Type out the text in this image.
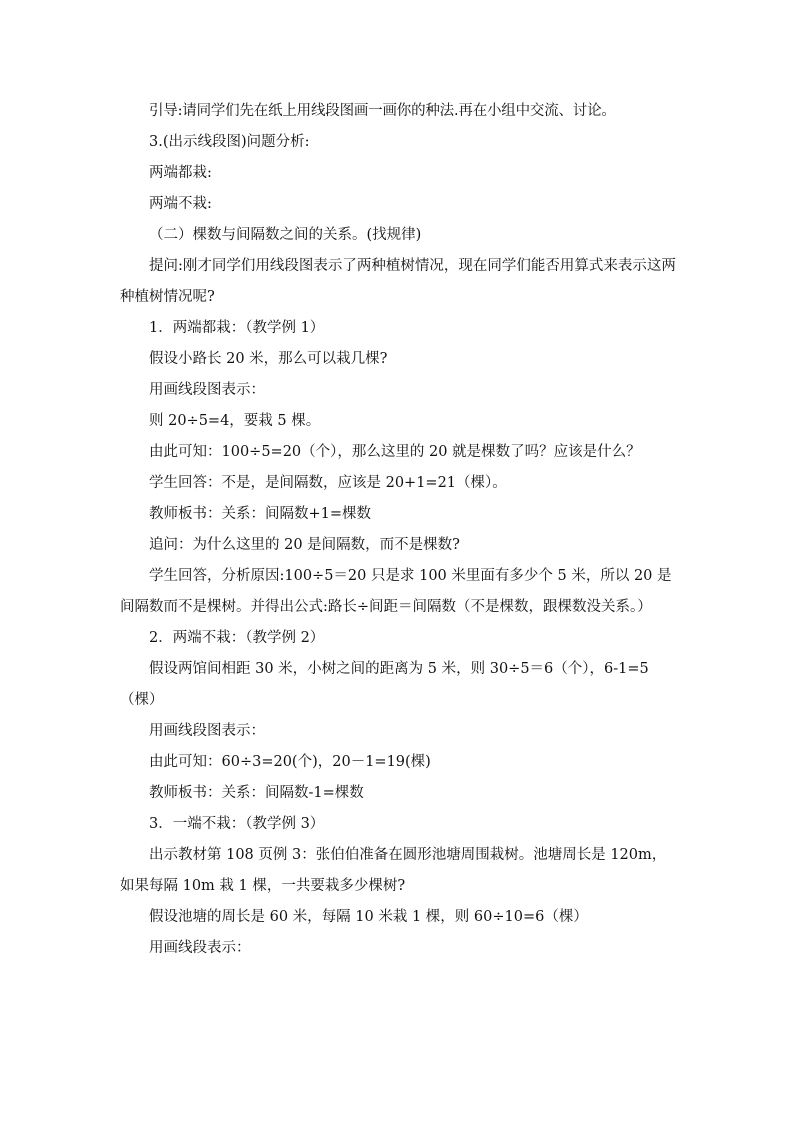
引导:请同学们先在纸上用线段图画一画你的种法.再在小组中交流、讨论。

3.(出示线段图)问题分析:

两端都栽:

两端不栽:

（二）棵数与间隔数之间的关系。(找规律)

提问:刚才同学们用线段图表示了两种植树情况，现在同学们能否用算式来表示这两种植树情况呢?

1．两端都栽：（教学例 1）

假设小路长 20 米，那么可以栽几棵?

用画线段图表示：

则 20÷5=4，要栽 5 棵。

由此可知：100÷5=20（个），那么这里的 20 就是棵数了吗？应该是什么？

学生回答：不是，是间隔数，应该是 20+1=21（棵）。

教师板书：关系：间隔数+1=棵数

追问：为什么这里的 20 是间隔数，而不是棵数?

学生回答，分析原因:100÷5＝20 只是求 100 米里面有多少个 5 米，所以 20 是间隔数而不是棵树。并得出公式:路长÷间距＝间隔数（不是棵数，跟棵数没关系。）

2．两端不栽：（教学例 2）

假设两馆间相距 30 米，小树之间的距离为 5 米，则 30÷5＝6（个），6-1=5（棵）

用画线段图表示：

由此可知：60÷3=20(个)，20－1=19(棵)

教师板书：关系：间隔数-1=棵数

3．一端不栽：（教学例 3）

出示教材第 108 页例 3：张伯伯准备在圆形池塘周围栽树。池塘周长是 120m，如果每隔 10m 栽 1 棵，一共要栽多少棵树?

假设池塘的周长是 60 米，每隔 10 米栽 1 棵，则 60÷10=6（棵）

用画线段表示：
